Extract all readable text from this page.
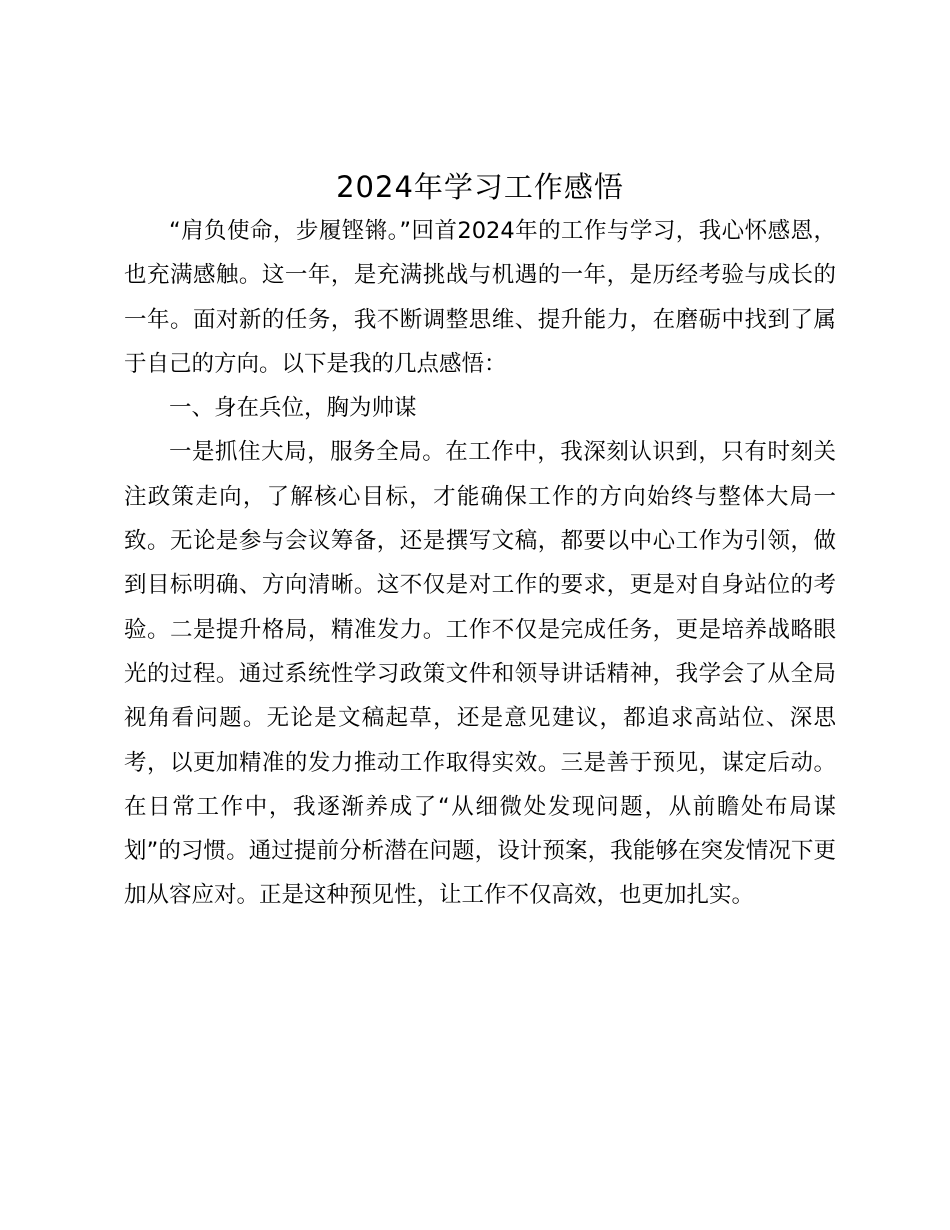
2024年学习工作感悟

“肩负使命，步履铿锵。”回首2024年的工作与学习，我心怀感恩，也充满感触。这一年，是充满挑战与机遇的一年，是历经考验与成长的一年。面对新的任务，我不断调整思维、提升能力，在磨砺中找到了属于自己的方向。以下是我的几点感悟：

一、身在兵位，胸为帅谋

一是抓住大局，服务全局。在工作中，我深刻认识到，只有时刻关注政策走向，了解核心目标，才能确保工作的方向始终与整体大局一致。无论是参与会议筹备，还是撰写文稿，都要以中心工作为引领，做到目标明确、方向清晰。这不仅是对工作的要求，更是对自身站位的考验。二是提升格局，精准发力。工作不仅是完成任务，更是培养战略眼光的过程。通过系统性学习政策文件和领导讲话精神，我学会了从全局视角看问题。无论是文稿起草，还是意见建议，都追求高站位、深思考，以更加精准的发力推动工作取得实效。三是善于预见，谋定后动。在日常工作中，我逐渐养成了“从细微处发现问题，从前瞻处布局谋划”的习惯。通过提前分析潜在问题，设计预案，我能够在突发情况下更加从容应对。正是这种预见性，让工作不仅高效，也更加扎实。
